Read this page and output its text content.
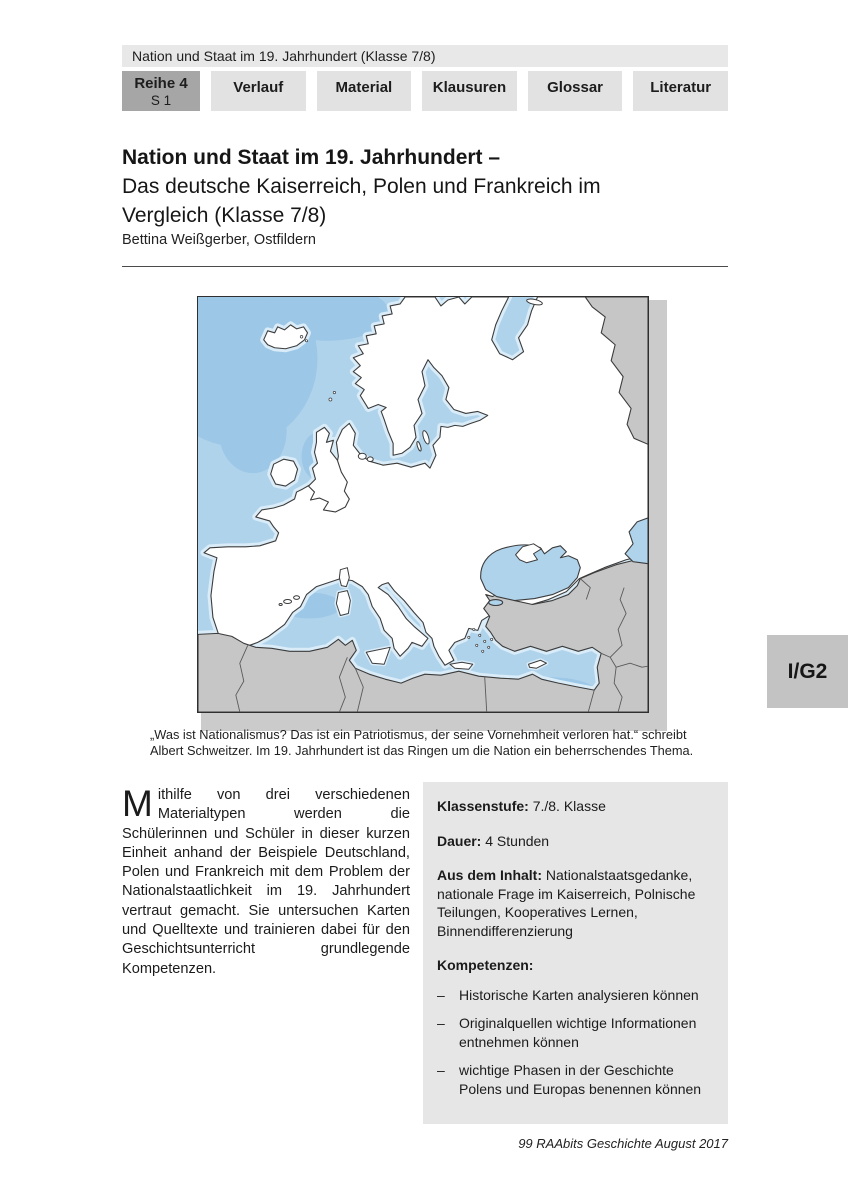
Nation und Staat im 19. Jahrhundert (Klasse 7/8)
Reihe 4
S 1
Verlauf	Material	Klausuren	Glossar	Literatur
Nation und Staat im 19. Jahrhundert –
Das deutsche Kaiserreich, Polen und Frankreich im
Vergleich (Klasse 7/8)
Bettina Weißgerber, Ostfildern
„Was ist Nationalismus? Das ist ein Patriotismus, der seine Vornehmheit verloren hat.“ schreibt
Albert Schweitzer. Im 19. Jahrhundert ist das Ringen um die Nation ein beherrschendes Thema.
Mithilfe von drei verschiedenen Materialtypen werden die Schülerinnen und Schüler in dieser kurzen Einheit anhand der Beispiele Deutschland, Polen und Frankreich mit dem Problem der Nationalstaatlichkeit im 19. Jahrhundert vertraut gemacht. Sie untersuchen Karten und Quelltexte und trainieren dabei für den Geschichtsunterricht grundlegende Kompetenzen.
Klassenstufe: 7./8. Klasse
Dauer: 4 Stunden
Aus dem Inhalt: Nationalstaatsgedanke, nationale Frage im Kaiserreich, Polnische Teilungen, Kooperatives Lernen, Binnendifferenzierung
Kompetenzen:
–	Historische Karten analysieren können
–	Originalquellen wichtige Informationen entnehmen können
–	wichtige Phasen in der Geschichte Polens und Europas benennen können
I/G2
99 RAAbits Geschichte August 2017
